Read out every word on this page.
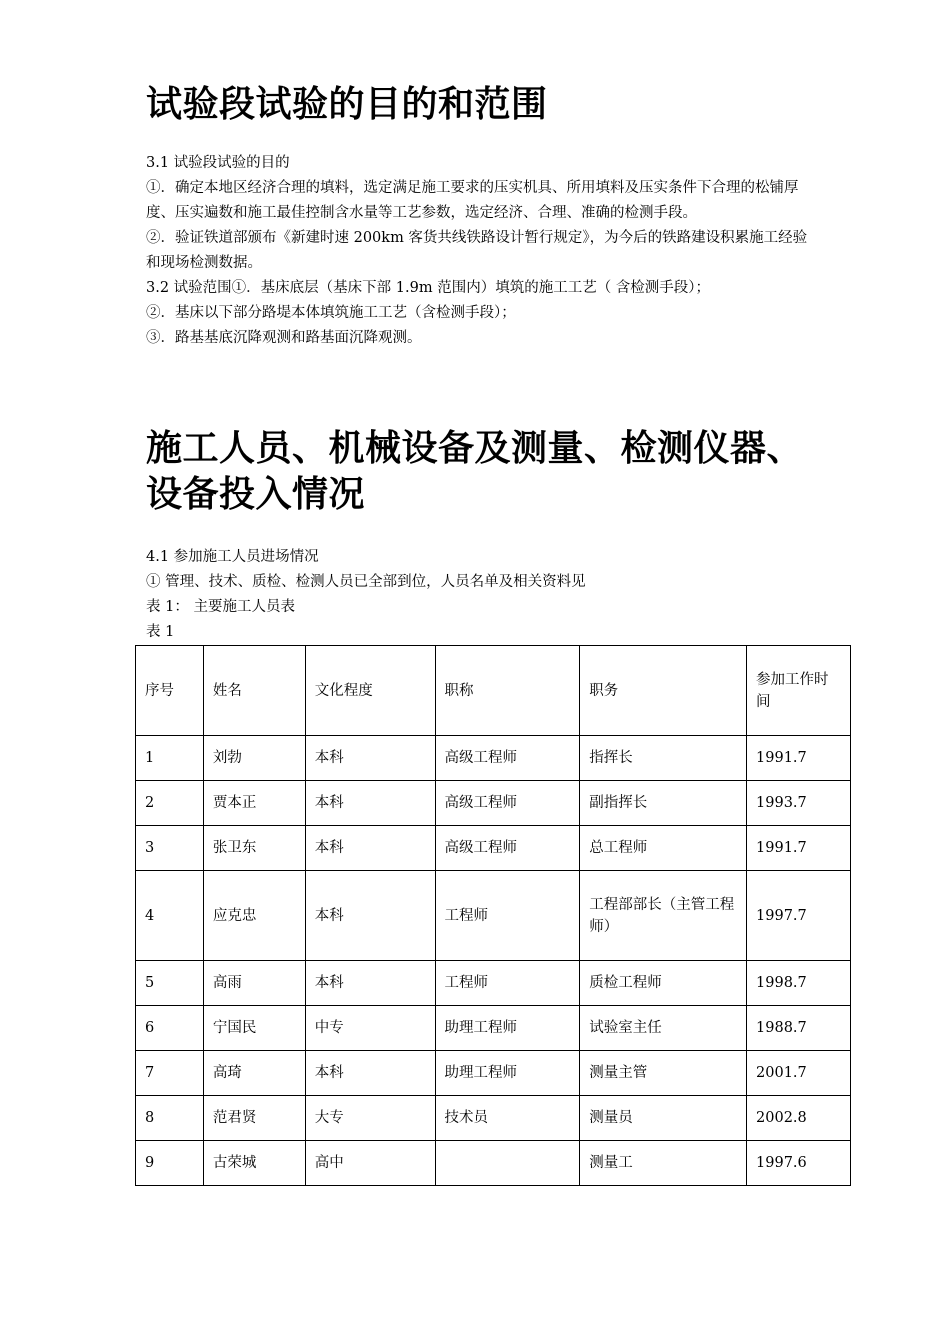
试验段试验的目的和范围

3.1 试验段试验的目的

①．确定本地区经济合理的填料，选定满足施工要求的压实机具、所用填料及压实条件下合理的松铺厚度、压实遍数和施工最佳控制含水量等工艺参数，选定经济、合理、准确的检测手段。

②．验证铁道部颁布《新建时速 200km 客货共线铁路设计暂行规定》，为今后的铁路建设积累施工经验和现场检测数据。

3.2 试验范围①．基床底层（基床下部 1.9m 范围内）填筑的施工工艺（ 含检测手段）；

②．基床以下部分路堤本体填筑施工工艺（含检测手段）；

③．路基基底沉降观测和路基面沉降观测。

施工人员、机械设备及测量、检测仪器、设备投入情况

4.1 参加施工人员进场情况

① 管理、技术、质检、检测人员已全部到位，人员名单及相关资料见

表 1： 主要施工人员表

表 1

序号	姓名	文化程度	职称	职务	参加工作时间
1	刘勃	本科	高级工程师	指挥长	1991.7
2	贾本正	本科	高级工程师	副指挥长	1993.7
3	张卫东	本科	高级工程师	总工程师	1991.7
4	应克忠	本科	工程师	工程部部长（主管工程师）	1997.7
5	高雨	本科	工程师	质检工程师	1998.7
6	宁国民	中专	助理工程师	试验室主任	1988.7
7	高琦	本科	助理工程师	测量主管	2001.7
8	范君贤	大专	技术员	测量员	2002.8
9	古荣城	高中		测量工	1997.6
